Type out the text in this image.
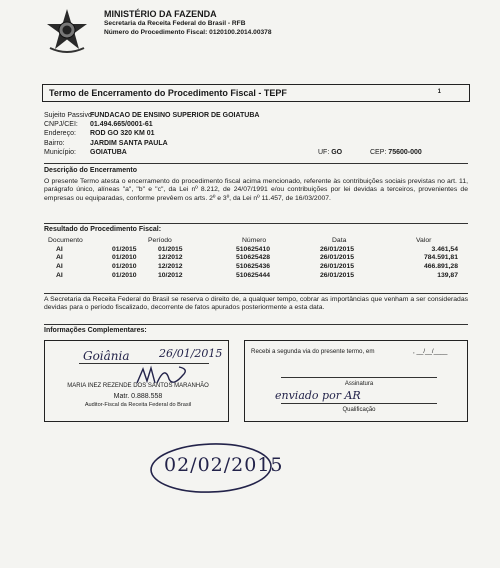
MINISTÉRIO DA FAZENDA
Secretaria da Receita Federal do Brasil - RFB
Número do Procedimento Fiscal: 0120100.2014.00378
Termo de Encerramento do Procedimento Fiscal - TEPF	1
Sujeito Passivo:
FUNDACAO DE ENSINO SUPERIOR DE GOIATUBA
CNPJ/CEI: 01.494.665/0001-61
Endereço: ROD GO 320 KM 01
Bairro:	JARDIM SANTA PAULA
Município: GOIATUBA	UF: GO	CEP: 75600-000
Descrição do Encerramento
O presente Termo atesta o encerramento do procedimento fiscal acima mencionado, referente às contribuições sociais previstas no art. 11, parágrafo único, alíneas "a", "b" e "c", da Lei nº 8.212, de 24/07/1991 e/ou contribuições por lei devidas a terceiros, provenientes de empresas ou equiparadas, conforme prevêem os arts. 2º e 3º, da Lei nº 11.457, de 16/03/2007.
Resultado do Procedimento Fiscal:
Documento	Período		Número	Data	Valor
AI	01/2015	01/2015	510625410	26/01/2015	3.461,54
AI	01/2010	12/2012	510625428	26/01/2015	784.591,81
AI	01/2010	12/2012	510625436	26/01/2015	466.891,28
AI	01/2010	10/2012	510625444	26/01/2015	139,87
A Secretaria da Receita Federal do Brasil se reserva o direito de, a qualquer tempo, cobrar as importâncias que venham a ser consideradas devidas para o período fiscalizado, decorrente de fatos apurados posteriormente a esta data.
Informações Complementares:
Goiânia	26/01/2015
MARIA INEZ REZENDE DOS SANTOS MARANHÃO
Matr. 0.888.558
Auditor-Fiscal da Receita Federal do Brasil
Recebi a segunda via do presente termo, em	, __/__/____
Assinatura
enviado por AR
Qualificação
02/02/2015
